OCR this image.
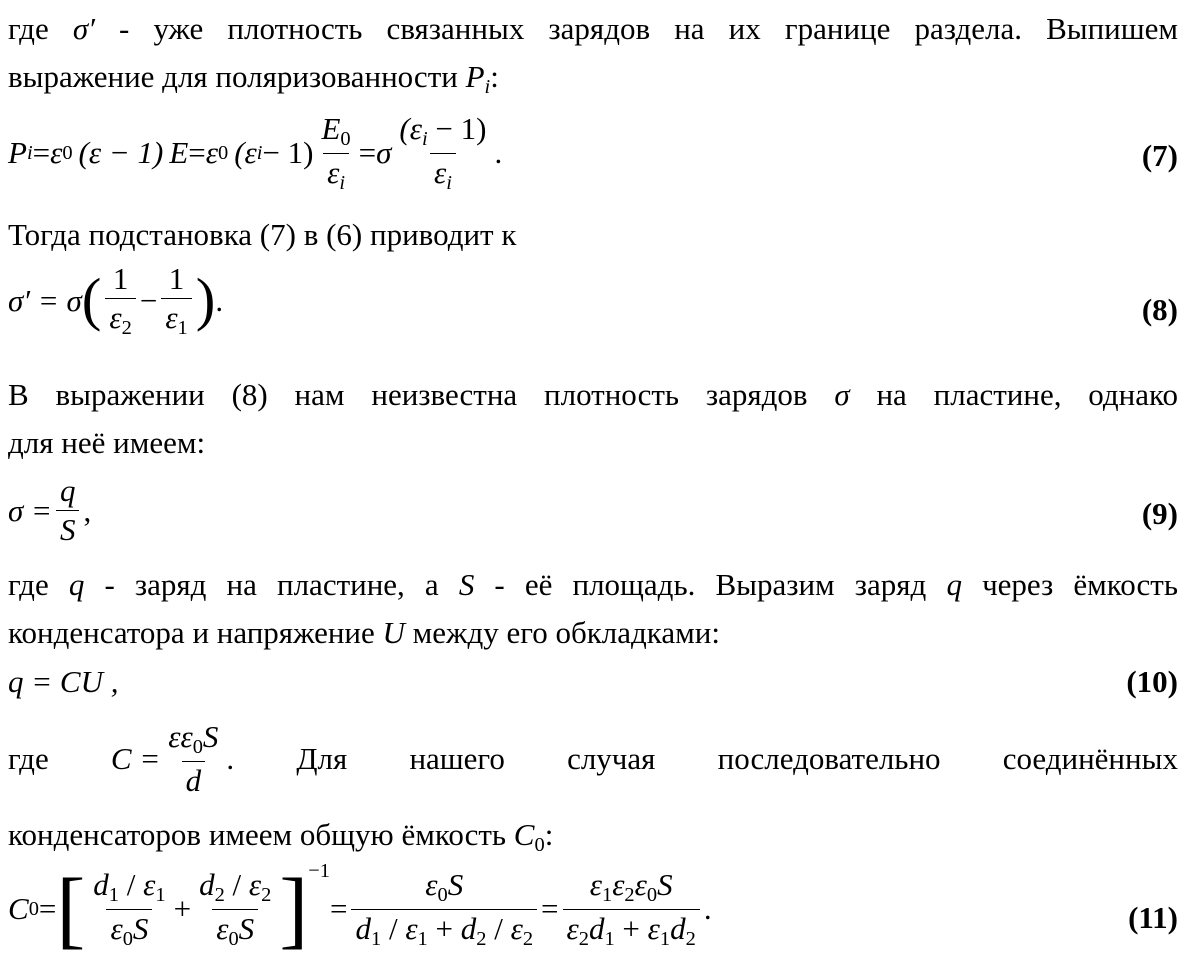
где σ′ - уже плотность связанных зарядов на их границе раздела. Выпишем
выражение для поляризованности $P_i$:
P i = ε 0 (ε − 1) E = ε 0 (ε $i - 1) \frac{E_0}{\varepsilon_i} = \sigma \frac{(\varepsilon_i - 1)}{\varepsilon_i}$ .	(7)
Тогда подстановка (7) в (6) приводит к
σ′ = σ ( $\frac{1}{\varepsilon_2} - \frac{1}{\varepsilon_1}$ ) .	(8)
В выражении (8) нам неизвестна плотность зарядов σ на пластине, однако
для неё имеем:
$\sigma = \frac{q}{S}$ ,	(9)
где q - заряд на пластине, а S - её площадь. Выразим заряд q через ёмкость
конденсатора и напряжение U между его обкладками:
q = CU ,	(10)
где $C = \frac{\varepsilon\varepsilon_0S}{d}$ . Для нашего случая последовательно соединённых
конденсаторов имеем общую ёмкость $C_0$:
C 0 = [ $\frac{d_1 / \varepsilon_1}{\varepsilon_0S} + \frac{d_2 / \varepsilon_2}{\varepsilon_0S} ]^{-1}$
= $\frac{\varepsilon_0S}{d_1 / \varepsilon_1 + d_2 / \varepsilon_2} = \frac{\varepsilon_1\varepsilon_2\varepsilon_0S}{\varepsilon_2d_1 + \varepsilon_1d_2}$ .	(11)
